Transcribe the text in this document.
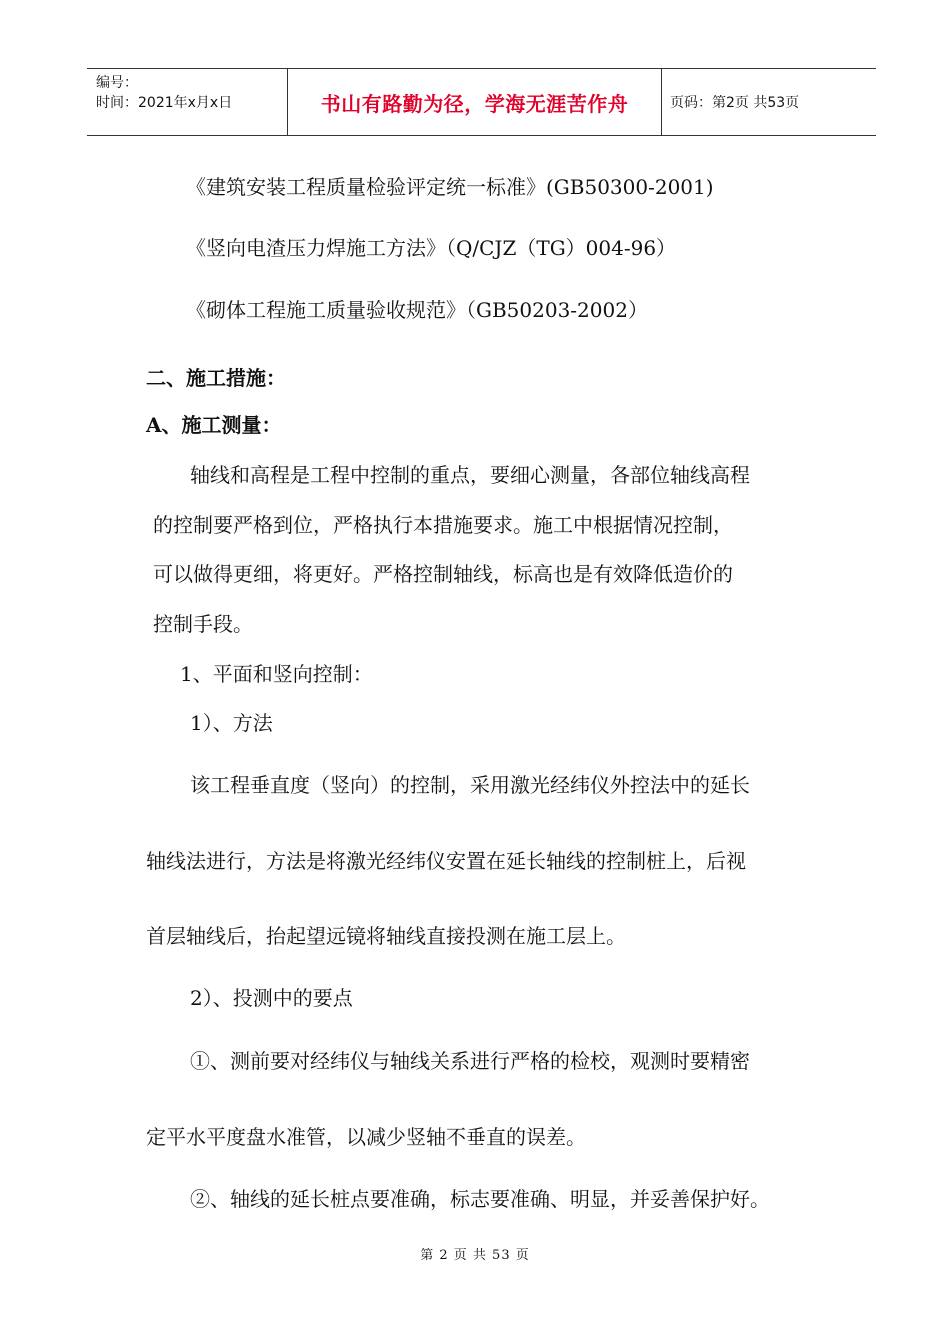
编号：
时间：2021年x月x日	书山有路勤为径，学海无涯苦作舟	页码：第2页 共53页
《建筑安装工程质量检验评定统一标准》(GB50300-2001)
《竖向电渣压力焊施工方法》（Q/CJZ（TG）004-96）
《砌体工程施工质量验收规范》（GB50203-2002）
二、施工措施：
A、施工测量：
轴线和高程是工程中控制的重点，要细心测量，各部位轴线高程
的控制要严格到位，严格执行本措施要求。施工中根据情况控制，
可以做得更细，将更好。严格控制轴线，标高也是有效降低造价的
控制手段。
1、平面和竖向控制：
1）、方法
该工程垂直度（竖向）的控制，采用激光经纬仪外控法中的延长
轴线法进行，方法是将激光经纬仪安置在延长轴线的控制桩上，后视
首层轴线后，抬起望远镜将轴线直接投测在施工层上。
2）、投测中的要点
①、测前要对经纬仪与轴线关系进行严格的检校，观测时要精密
定平水平度盘水准管，以减少竖轴不垂直的误差。
②、轴线的延长桩点要准确，标志要准确、明显，并妥善保护好。
第 2 页 共 53 页
